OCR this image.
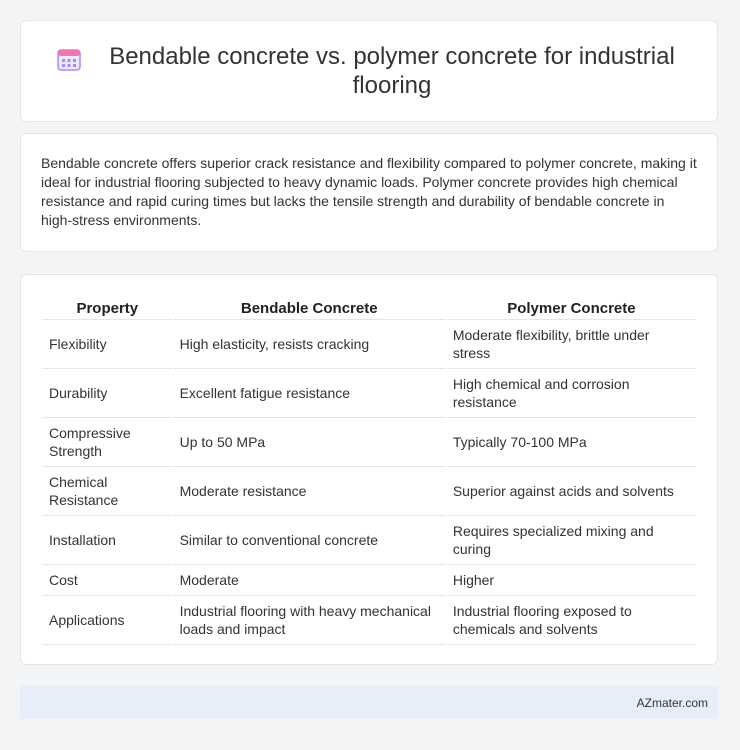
Bendable concrete vs. polymer concrete for industrial flooring

Bendable concrete offers superior crack resistance and flexibility compared to polymer concrete, making it ideal for industrial flooring subjected to heavy dynamic loads. Polymer concrete provides high chemical resistance and rapid curing times but lacks the tensile strength and durability of bendable concrete in high-stress environments.

Property	Bendable Concrete	Polymer Concrete
Flexibility	High elasticity, resists cracking	Moderate flexibility, brittle under stress
Durability	Excellent fatigue resistance	High chemical and corrosion resistance
Compressive Strength	Up to 50 MPa	Typically 70-100 MPa
Chemical Resistance	Moderate resistance	Superior against acids and solvents
Installation	Similar to conventional concrete	Requires specialized mixing and curing
Cost	Moderate	Higher
Applications	Industrial flooring with heavy mechanical loads and impact	Industrial flooring exposed to chemicals and solvents
AZmater.com
